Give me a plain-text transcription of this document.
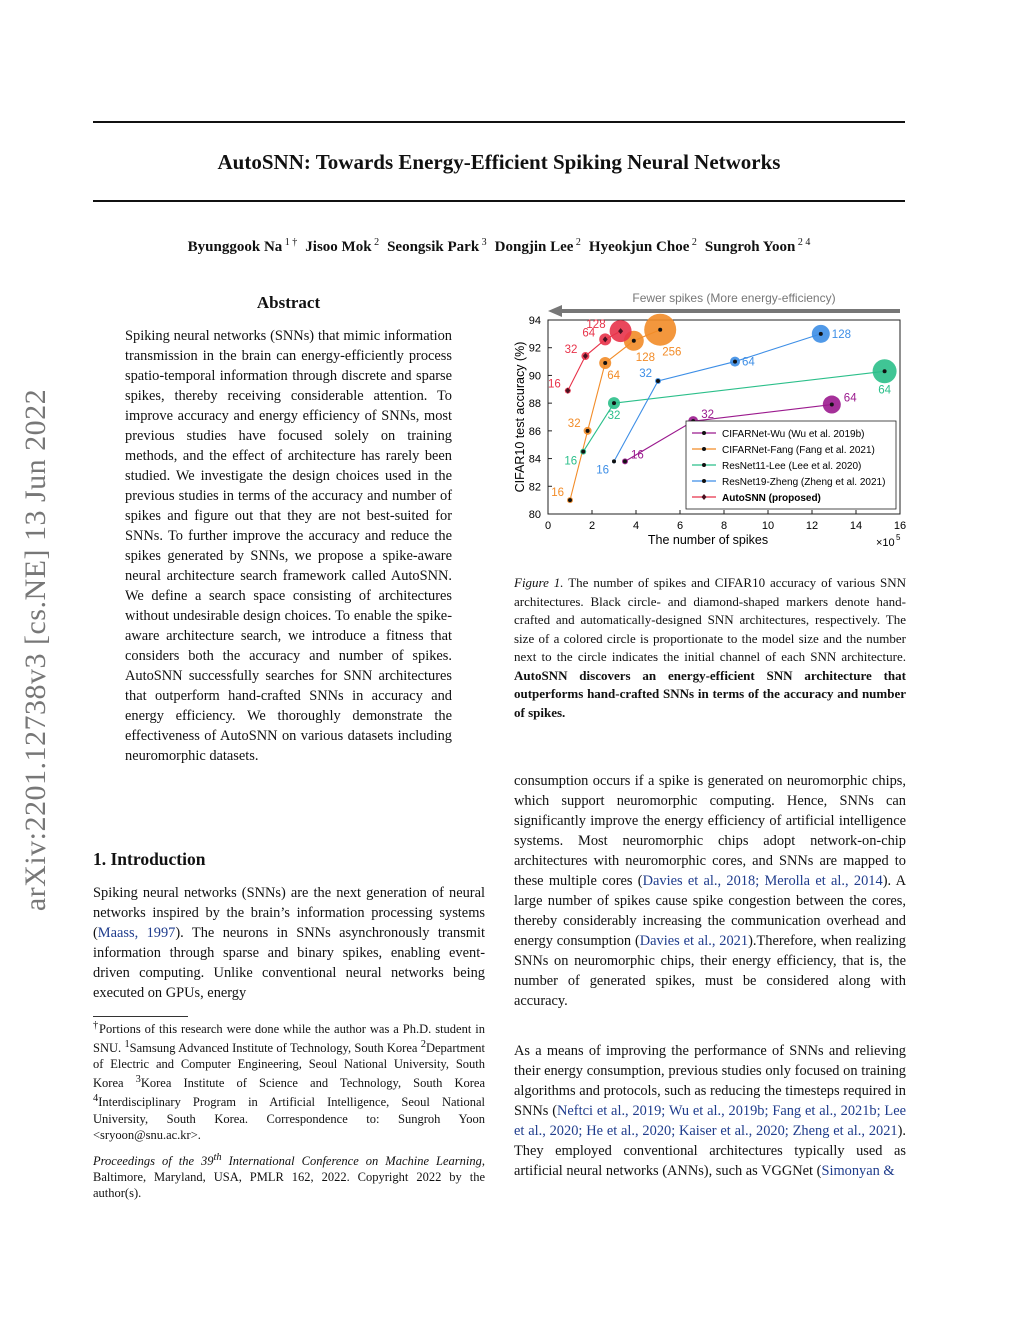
AutoSNN: Towards Energy-Efficient Spiking Neural Networks
Byunggook Na $^{1 \dagger}$ Jisoo Mok $^2$ Seongsik Park $^3$ Dongjin Lee $^2$ Hyeokjun Choe $^2$ Sungroh Yoon $^{2 4}$
arXiv:2201.12738v3 [cs.NE] 13 Jun 2022
Abstract
Spiking neural networks (SNNs) that mimic information transmission in the brain can energy-efficiently process spatio-temporal information through discrete and sparse spikes, thereby receiving considerable attention. To improve accuracy and energy efficiency of SNNs, most previous studies have focused solely on training methods, and the effect of architecture has rarely been studied. We investigate the design choices used in the previous studies in terms of the accuracy and number of spikes and figure out that they are not best-suited for SNNs. To further improve the accuracy and reduce the spikes generated by SNNs, we propose a spike-aware neural architecture search framework called AutoSNN. We define a search space consisting of architectures without undesirable design choices. To enable the spike-aware architecture search, we introduce a fitness that considers both the accuracy and number of spikes. AutoSNN successfully searches for SNN architectures that outperform hand-crafted SNNs in accuracy and energy efficiency. We thoroughly demonstrate the effectiveness of AutoSNN on various datasets including neuromorphic datasets.
1. Introduction
Spiking neural networks (SNNs) are the next generation of neural networks inspired by the brain’s information processing systems (Maass, 1997). The neurons in SNNs asynchronously transmit information through sparse and binary spikes, enabling event-driven computing. Unlike conventional neural networks being executed on GPUs, energy
†Portions of this research were done while the author was a Ph.D. student in SNU. $^1$Samsung Advanced Institute of Technology, South Korea $^2$Department of Electric and Computer Engineering, Seoul National University, South Korea $^3$Korea Institute of Science and Technology, South Korea $^4$Interdisciplinary Program in Artificial Intelligence, Seoul National University, South Korea. Correspondence to: Sungroh Yoon <sryoon@snu.ac.kr>.
Proceedings of the 39th International Conference on Machine Learning, Baltimore, Maryland, USA, PMLR 162, 2022. Copyright 2022 by the author(s).
Fewer spikes (More energy-efficiency)
0	2	4	6	8	10	12	14	16
80
82
84
86
88
90
92
94
The number of spikes	×10 5
CIFAR10 test accuracy (%)	16
32
64
16
32
64
128 256
16
32
64
16
32
64
128
16
32
64
128
CIFARNet-Wu (Wu et al. 2019b)
CIFARNet-Fang (Fang et al. 2021)
ResNet11-Lee (Lee et al. 2020)
ResNet19-Zheng (Zheng et al. 2021)
AutoSNN (proposed)
Figure 1. The number of spikes and CIFAR10 accuracy of various SNN architectures. Black circle- and diamond-shaped markers denote hand-crafted and automatically-designed SNN architectures, respectively. The size of a colored circle is proportionate to the model size and the number next to the circle indicates the initial channel of each SNN architecture. AutoSNN discovers an energy-efficient SNN architecture that outperforms hand-crafted SNNs in terms of the accuracy and number of spikes.
consumption occurs if a spike is generated on neuromorphic chips, which support neuromorphic computing. Hence, SNNs can significantly improve the energy efficiency of artificial intelligence systems. Most neuromorphic chips adopt network-on-chip architectures with neuromorphic cores, and SNNs are mapped to these multiple cores (Davies et al., 2018; Merolla et al., 2014). A large number of spikes cause spike congestion between the cores, thereby considerably increasing the communication overhead and energy consumption (Davies et al., 2021).Therefore, when realizing SNNs on neuromorphic chips, their energy efficiency, that is, the number of generated spikes, must be considered along with accuracy.
As a means of improving the performance of SNNs and relieving their energy consumption, previous studies only focused on training algorithms and protocols, such as reducing the timesteps required in SNNs (Neftci et al., 2019; Wu et al., 2019b; Fang et al., 2021b; Lee et al., 2020; He et al., 2020; Kaiser et al., 2020; Zheng et al., 2021). They employed conventional architectures typically used as artificial neural networks (ANNs), such as VGGNet (Simonyan &
